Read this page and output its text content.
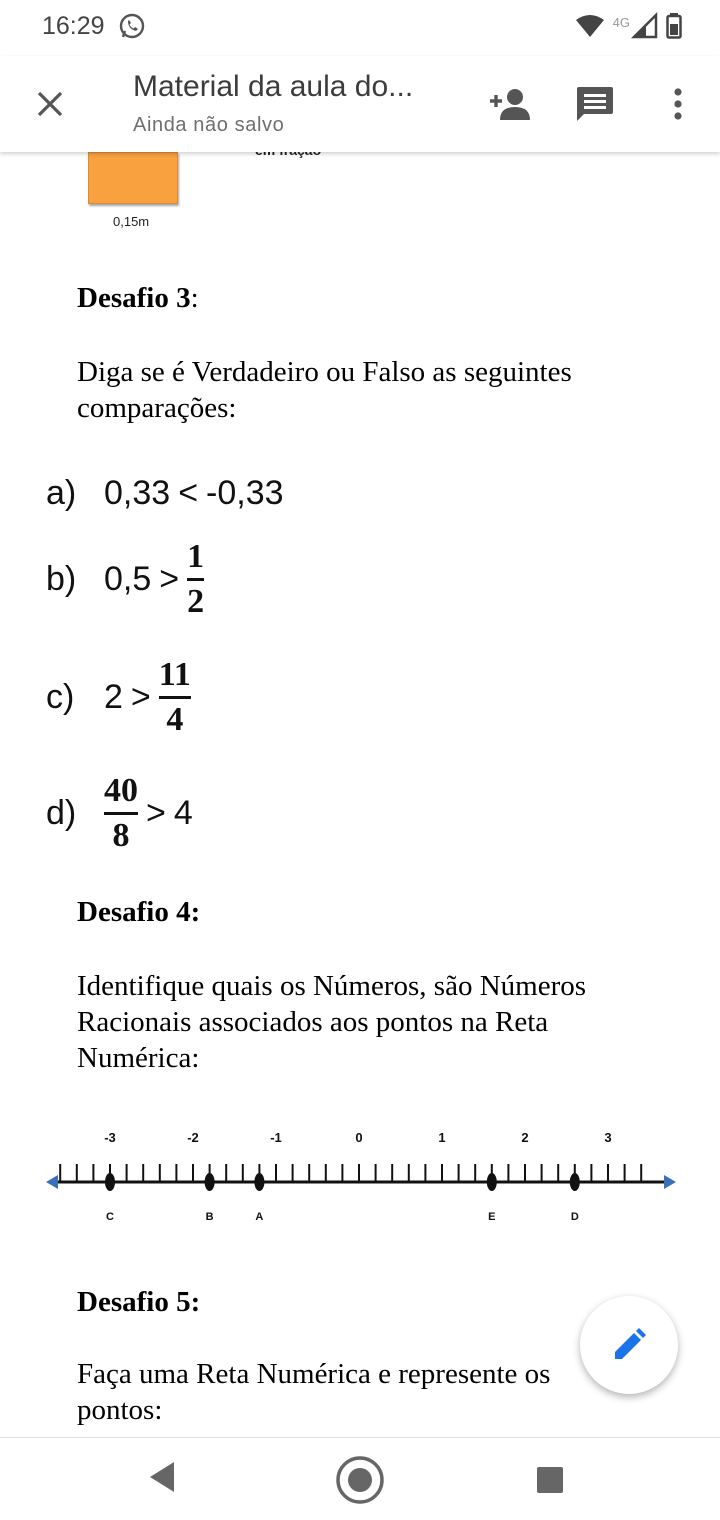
16:29	4G
Material da aula do...
Ainda não salvo
0,15m
Desafio 3:
Diga se é Verdadeiro ou Falso as seguintes comparações:
a) 0,33 < -0,33
b) $0,5 > \frac{1}{2}$
c) $2 > \frac{11}{4}$
$d) \frac{40}{8} > 4$
Desafio 4:
Identifique quais os Números, são Números Racionais associados aos pontos na Reta Numérica:
-3	-2	-1	0	1	2	3
C	B	A	E	D
Desafio 5:
Faça uma Reta Numérica e represente os pontos:
